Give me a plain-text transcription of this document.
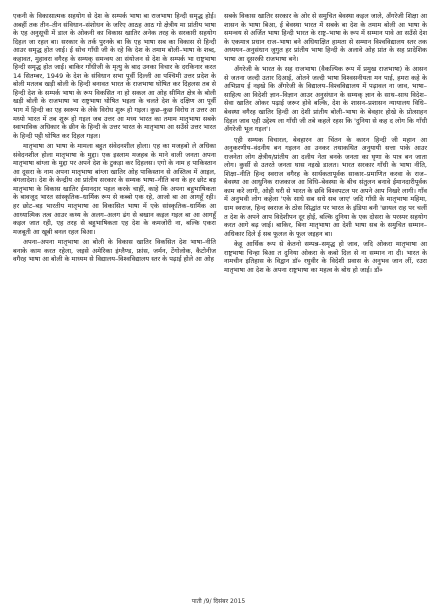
एकनी के विकासात्मक सहयोग से देश के सम्पर्क भाषा बा राजभाषा हिन्दी समृद्ध होई। अबहीं तक तीन–तीन संविधान–संशोधन के जरिए आठह आठ गो क्षेत्रीय मा प्रांतीय भाषा के एह अनुसूची में डाल के ओकनी का विकास खातिर अनेक तरह के सरकारी सहयोग दिहल जा रहल बा। सरकार के तर्क पुरनके बा कि एह भाषा सब का विकास से हिन्दी आउर समृद्ध होत जाई। ई सोच गाँधी जी के रहे कि देश के तमाम बोली–भाषा के शब्द, कहावत, मुहावरा वगैरह के सम्यक् समन्वय आ संयोजन से देश के सम्पर्क भा राष्ट्रभाषा हिन्दी समृद्ध होत जाई। बाकिर गाँधीजी के मृत्यु के बाद उनका विचार के दरकिनार करत 14 सितम्बर, 1949 के देश के संविधान सभा पूर्वी दिल्ली आ पश्चिमी उत्तर प्रदेश के बोली मतलब खड़ी बोली के हिन्दी बनावत भारत के राजभाषा घोषित कर दिहलस तब से हिन्दी देश के सम्पर्क भाषा के रूप विकसित ना हो सकल आ ओह सीमित क्षेत्र के बोली खड़ी बोली के राजभाषा भा राष्ट्रभाषा घोषित भइला के चलते देश के दक्षिण आ पूर्वी भाग में हिन्दी का एह स्वरूप के लेके विरोध शुरू हो गइल। कुछ–कुछ विरोध त उत्तर आ मध्यो भारत में तब शुरू हो गइल जब उत्तर आ मध्य भारत का तमाम मातृभाषा सबके स्वाभाविक अधिकार के छीन के हिन्दी के उत्तर भारत के मातृभाषा आ सउँसे उत्तर भारत के हिन्दी पट्टी घोषित कर दिहल गइल।

मातृभाषा आ भाषा के मामला बहुत संवेदनशील होला। एह का मजहबो ले अधिका संवेदनशील होला मातृभाषा के मुद्दा। एक इस्लाम मजहब के माने वाली जनता अपना मातृभाषा बांग्ला के मुद्दा पर अपने देश के टुकड़ा कर दिहलस। एगो के नाम ह पाकिस्तान आ दूसरा के नाम अपना मातृभाषा बांग्ला खातिर ओह पाकिस्तान से अस्तित्व में आइल, बंगलादेश। देश के केन्द्रीय आ प्रांतीय सरकार के सम्यक भाषा–नीति बना के हर छोट बड़ मातृभाषा के विकास खातिर ईमानदार पहल करके चाहीं, काहे कि अपना बहुभाषिकता के बावजूद भारत सांस्कृतिक–धार्मिक रूप से कब्बो एक रहे, आजो बा आ आगहूँ रही। हर छोट–बड़ भारतीय मातृभाषा आ विकासित भाषा में एके सांस्कृतिक–धार्मिक आ आध्यात्मिक तत्व आउर कथ्य के अलग–अलग ढंग से बखान कइल गइल बा आ आगहूँ कइल जात रही, एह तरह से बहुभाषिकता एह देश के कमजोरी ना, बल्कि एकरा मजबूती आ खूबी बनल रहल बिआ।

अपना–अपना मातृभाषा आ बोली के विकास खातिर विकसित देश भाषा–नीति बनाके काम करत रहेला, जइसे अमेरिका इंग्लैण्ड, फ्रांस, जर्मन, टेंगोलोक, कैटोनीज वगैरह भाषा आ बोली के माध्यम से विद्यालय–विश्वविद्यालय स्तर के पढ़ाई होले आ ओह

सबके विकास खातिर सरकार के ओर से समुचित बेवस्था कइल जाले, अँगरेजी शिक्षा आ शासन के भाषा बिआ, ई बेवस्था भारत में सबके बा देश के तमाम बोली आ भाषा के समन्वय से अर्जित भाषा हिन्दी भारत के राष्ट्र–भाषा के रूप में सम्मान पावे आ सउँसे देश के एकमात्र प्रधान राज–भाषा बने अधियाक्षित हामता से सम्मान विश्वविद्यालय स्तर तक अध्ययन–अनुसंधान जुगुत हर प्रांतीय भाषा हिन्दी के अलावे ओह प्रांत के सह प्रादेशिक भाषा आ दूसरकी राजभाषा बने।

अँगरेजी के भारत के सह राजभाषा (वैकल्पिक रूप में प्रमुख राजभाषा) के आसन से जतना जल्दी उतार दिआई, ओतने जल्दी भाषा विश्वसनीयता मन पाई, हमरा कहे के अभिप्राय ई नइखे कि अँगरेजी के विद्यालय–विश्वविद्यालय में पढ़ावल ना जाव, भाषा–साहित्य आ विदेशी ज्ञान–विज्ञान आउर अनुसंधान के सम्यक् ज्ञान के साथ–साथ विदेश–सेवा खातिर ओकर पढ़ाई जरूर होवे बल्कि, देश के शासन–प्रशासन न्यायालय विधि–बेवस्था वगैरह खातिर हिन्दी आ देशी प्रांतीय बोली–भाषा के बेवहार होखे के प्रोत्साहन दिहल जाव एही उद्देश्य ला गाँधी जी तबे कहले रहस कि 'दुनिया से कह द लोग कि गाँधी अँगरेजी भूल गइल'।

एही सम्यक विचारल, बेवहारन आ चिंतन के कारन हिन्दी जी महान आ अनुकरणीय–वंदनीय बन गइलन आ उनकर तथाकथित अनुयायी सत्ता पाके आउर राजनेता लोग क्षेत्रीय/प्रांतीय आ दलीय नेता बनके जनता का घृणा के पात्र बन जाता लोग। कुर्सी से उतरते जनता घास नइखे डालत। भारत सरकार गाँधी के भाषा नीति, शिक्षा–नीति हिन्द स्वराज वगैरह के सार्थकतापूर्वक साकार–प्रमाणित करवा के राज–बेवस्था आ आधुनिक राजकाज आ विधि–बेवस्था के बीच संतुलन बनावे ईमानदारीपूर्वक काम करे लागी, ओही घरी से भारत के छवि विश्वपटल पर अपने आप निखरे लागी। गाँव में अनुभवी लोग कहेला 'एके साधे सब सधे सब जाए' जदि गाँधी के मातृभाषा महिमा, ग्राम स्वराज, हिन्द स्वराज के ठोस सिद्धांत पर भारत के इंडिया बनी 'छायल राह पर चलीं त देश के अपने आप विदेशीपन दूर होई, बल्कि दुनिया के एक दोसरा के परस्पर सहयोग करत आगे बढ़ जाई। बाकिर, बिना मातृभाषा आ देशी भाषा सब के समुचित सम्मान–अधिकार दिले ई सब फूलल के फूल जइहन बा।

केहू आर्थिक रूप से केतनो सम्पन्न–समृद्ध हो जाव, जदि ओकरा मातृभाषा आ राष्ट्रभाषा चिन्हा बिआ त दुनिया ओकरा के कबो दिल से ना सम्मान ना दी। भारत के नामचीन इतिहास के विद्वान डॉ० रघुवीर के विदेशी प्रवास के अनुभव जान लीं, रउरा मातृभाषा आ देश के अपना राष्ट्रभाषा का महत्व के बोध हो जाई। डॉ०

पाती /9/ दिसंबर 2015
